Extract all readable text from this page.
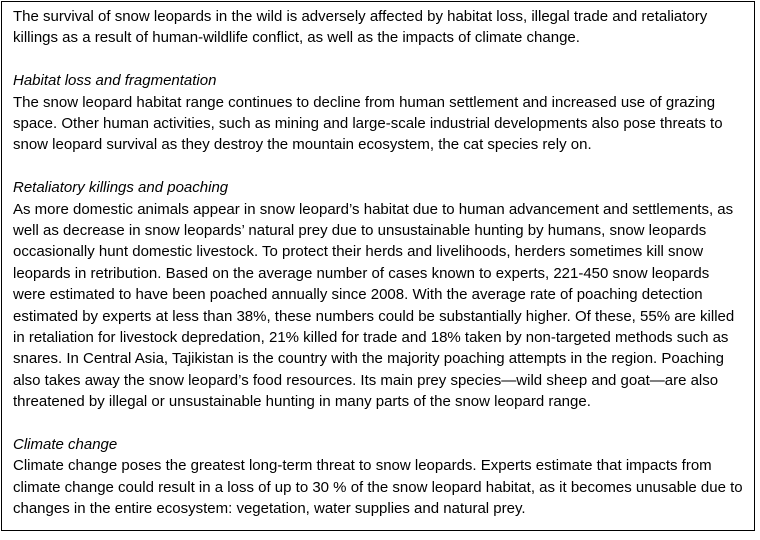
The survival of snow leopards in the wild is adversely affected by habitat loss, illegal trade and retaliatory killings as a result of human-wildlife conflict, as well as the impacts of climate change.

Habitat loss and fragmentation

The snow leopard habitat range continues to decline from human settlement and increased use of grazing space. Other human activities, such as mining and large-scale industrial developments also pose threats to snow leopard survival as they destroy the mountain ecosystem, the cat species rely on.

Retaliatory killings and poaching

As more domestic animals appear in snow leopard’s habitat due to human advancement and settlements, as well as decrease in snow leopards’ natural prey due to unsustainable hunting by humans, snow leopards occasionally hunt domestic livestock. To protect their herds and livelihoods, herders sometimes kill snow leopards in retribution. Based on the average number of cases known to experts, 221-450 snow leopards were estimated to have been poached annually since 2008. With the average rate of poaching detection estimated by experts at less than 38%, these numbers could be substantially higher. Of these, 55% are killed in retaliation for livestock depredation, 21% killed for trade and 18% taken by non-targeted methods such as snares. In Central Asia, Tajikistan is the country with the majority poaching attempts in the region. Poaching also takes away the snow leopard’s food resources. Its main prey species—wild sheep and goat—are also threatened by illegal or unsustainable hunting in many parts of the snow leopard range.

Climate change

Climate change poses the greatest long-term threat to snow leopards. Experts estimate that impacts from climate change could result in a loss of up to 30 % of the snow leopard habitat, as it becomes unusable due to changes in the entire ecosystem: vegetation, water supplies and natural prey.
